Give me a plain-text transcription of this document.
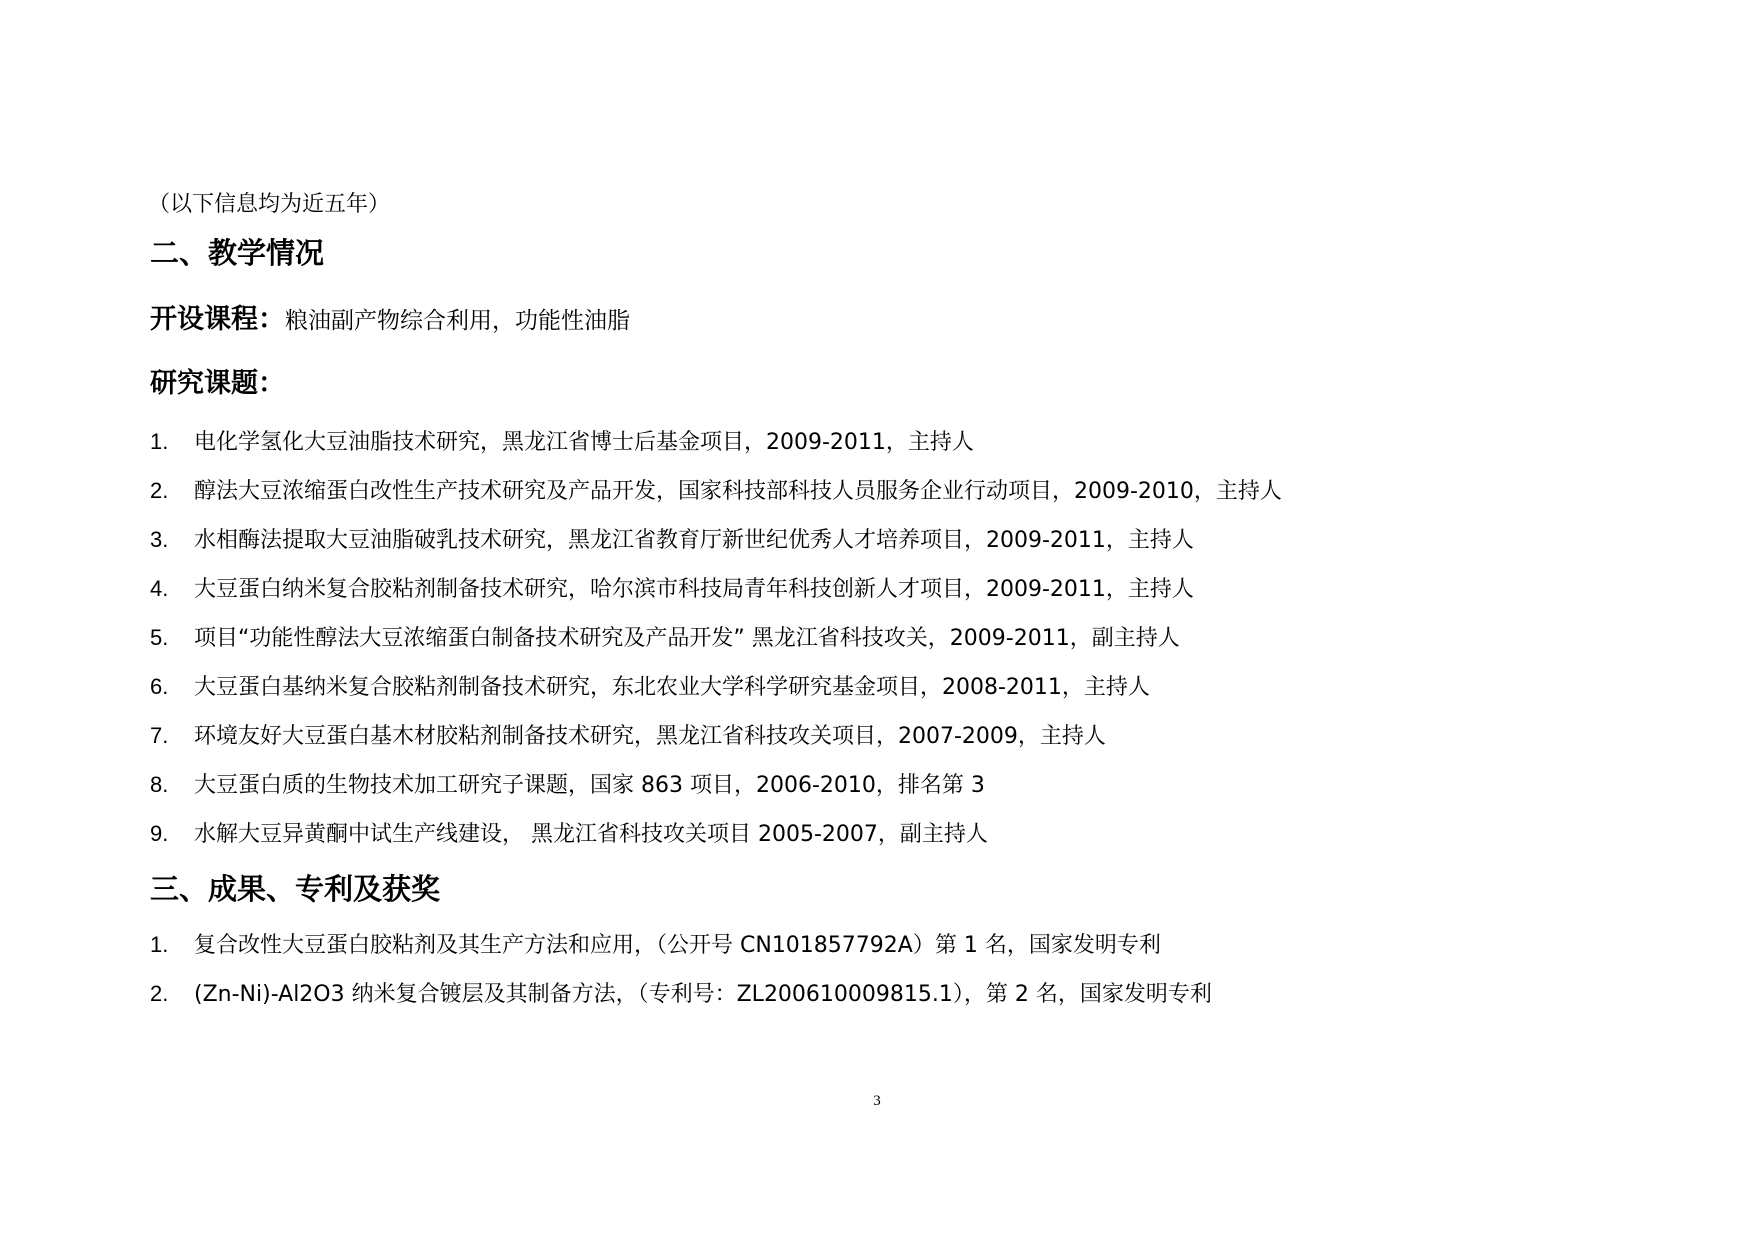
（以下信息均为近五年）
二、教学情况
开设课程：粮油副产物综合利用，功能性油脂
研究课题：
1. 电化学氢化大豆油脂技术研究，黑龙江省博士后基金项目，2009-2011，主持人
2. 醇法大豆浓缩蛋白改性生产技术研究及产品开发，国家科技部科技人员服务企业行动项目，2009-2010，主持人
3. 水相酶法提取大豆油脂破乳技术研究，黑龙江省教育厅新世纪优秀人才培养项目，2009-2011，主持人
4. 大豆蛋白纳米复合胶粘剂制备技术研究，哈尔滨市科技局青年科技创新人才项目，2009-2011，主持人
5. 项目“功能性醇法大豆浓缩蛋白制备技术研究及产品开发” 黑龙江省科技攻关，2009-2011，副主持人
6. 大豆蛋白基纳米复合胶粘剂制备技术研究，东北农业大学科学研究基金项目，2008-2011，主持人
7. 环境友好大豆蛋白基木材胶粘剂制备技术研究，黑龙江省科技攻关项目，2007-2009，主持人
8. 大豆蛋白质的生物技术加工研究子课题，国家 863 项目，2006-2010，排名第 3
9. 水解大豆异黄酮中试生产线建设， 黑龙江省科技攻关项目 2005-2007，副主持人
三、成果、专利及获奖
1. 复合改性大豆蛋白胶粘剂及其生产方法和应用，（公开号 CN101857792A）第 1 名，国家发明专利
2. (Zn-Ni)-Al2O3 纳米复合镀层及其制备方法，（专利号：ZL200610009815.1），第 2 名，国家发明专利
3
